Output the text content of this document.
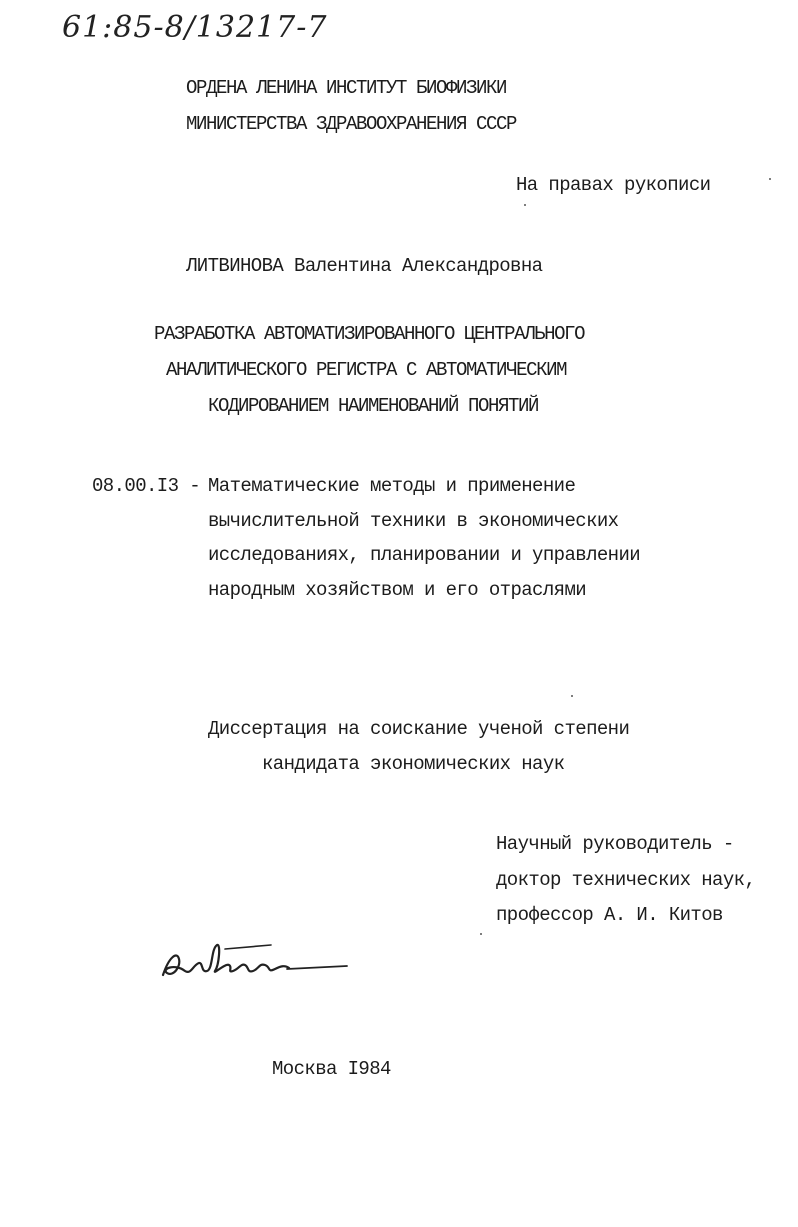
61:85-8/13217-7
ОРДЕНА ЛЕНИНА ИНСТИТУТ БИОФИЗИКИ
МИНИСТЕРСТВА ЗДРАВООХРАНЕНИЯ СССР
На правах рукописи
ЛИТВИНОВА Валентина Александровна
РАЗРАБОТКА АВТОМАТИЗИРОВАННОГО ЦЕНТРАЛЬНОГО
АНАЛИТИЧЕСКОГО РЕГИСТРА С АВТОМАТИЧЕСКИМ
КОДИРОВАНИЕМ НАИМЕНОВАНИЙ ПОНЯТИЙ
08.00.I3 - Математические методы и применение
вычислительной техники в экономических
исследованиях, планировании и управлении
народным хозяйством и его отраслями
Диссертация на соискание ученой степени
кандидата экономических наук
Научный руководитель -
доктор технических наук,
профессор А. И. Китов
Москва I984
